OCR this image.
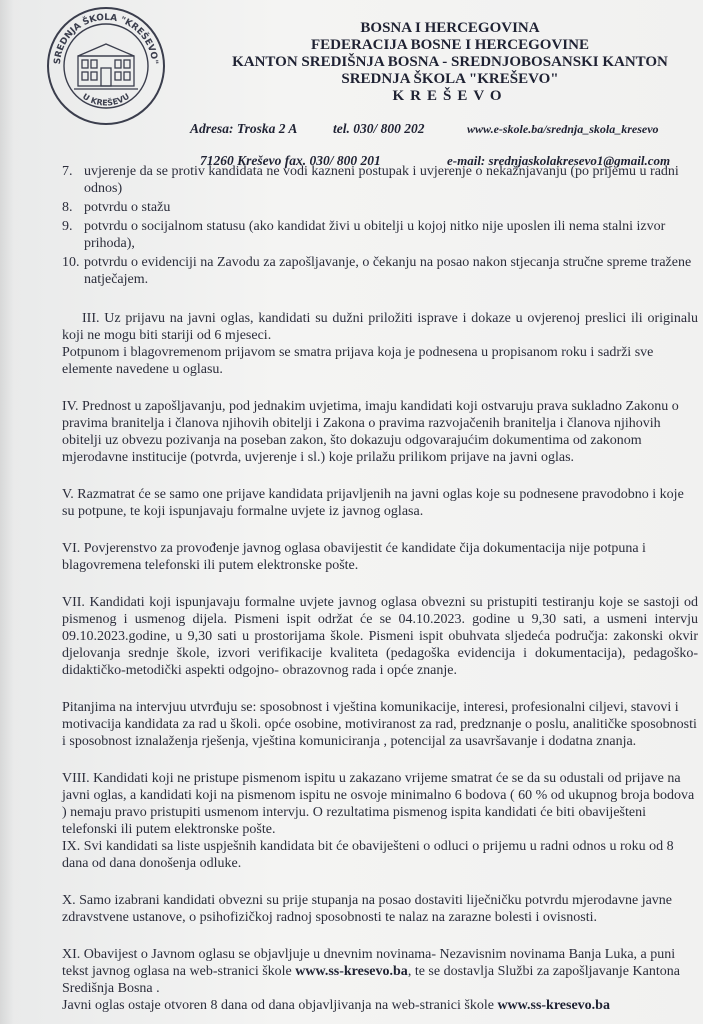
SREDNJA ŠKOLA "KREŠEVO"
U KREŠEVU
BOSNA I HERCEGOVINA
FEDERACIJA BOSNE I HERCEGOVINE
KANTON SREDIŠNJA BOSNA - SREDNJOBOSANSKI KANTON
SREDNJA ŠKOLA "KREŠEVO"
KREŠEVO
Adresa: Troska 2 A	tel. 030/ 800 202	www.e-skole.ba/srednja_skola_kresevo
71260 Kreševo fax. 030/ 800 201	e-mail: srednjaskolakresevo1@gmail.com
7. uvjerenje da se protiv kandidata ne vodi kazneni postupak i uvjerenje o nekažnjavanju (po prijemu u radni odnos)
8. potvrdu o stažu
9. potvrdu o socijalnom statusu (ako kandidat živi u obitelji u kojoj nitko nije uposlen ili nema stalni izvor prihoda),
10. potvrdu o evidenciji na Zavodu za zapošljavanje, o čekanju na posao nakon stjecanja stručne spreme tražene natječajem.

III. Uz prijavu na javni oglas, kandidati su dužni priložiti isprave i dokaze u ovjerenoj preslici ili originalu koji ne mogu biti stariji od 6 mjeseci.

Potpunom i blagovremenom prijavom se smatra prijava koja je podnesena u propisanom roku i sadrži sve elemente navedene u oglasu.

IV. Prednost u zapošljavanju, pod jednakim uvjetima, imaju kandidati koji ostvaruju prava sukladno Zakonu o pravima branitelja i članova njihovih obitelji i Zakona o pravima razvojačenih branitelja i članova njihovih obitelji uz obvezu pozivanja na poseban zakon, što dokazuju odgovarajućim dokumentima od zakonom mjerodavne institucije (potvrda, uvjerenje i sl.) koje prilažu prilikom prijave na javni oglas.

V. Razmatrat će se samo one prijave kandidata prijavljenih na javni oglas koje su podnesene pravodobno i koje su potpune, te koji ispunjavaju formalne uvjete iz javnog oglasa.

VI. Povjerenstvo za provođenje javnog oglasa obavijestit će kandidate čija dokumentacija nije potpuna i blagovremena telefonski ili putem elektronske pošte.

VII. Kandidati koji ispunjavaju formalne uvjete javnog oglasa obvezni su pristupiti testiranju koje se sastoji od pismenog i usmenog dijela. Pismeni ispit održat će se 04.10.2023. godine u 9,30 sati, a usmeni intervju 09.10.2023.godine, u 9,30 sati u prostorijama škole. Pismeni ispit obuhvata sljedeća područja: zakonski okvir djelovanja srednje škole, izvori verifikacije kvaliteta (pedagoška evidencija i dokumentacija), pedagoško-didaktičko-metodički aspekti odgojno- obrazovnog rada i opće znanje.

Pitanjima na intervjuu utvrđuju se: sposobnost i vještina komunikacije, interesi, profesionalni ciljevi, stavovi i motivacija kandidata za rad u školi. opće osobine, motiviranost za rad, predznanje o poslu, analitičke sposobnosti i sposobnost iznalaženja rješenja, vještina komuniciranja , potencijal za usavršavanje i dodatna znanja.

VIII. Kandidati koji ne pristupe pismenom ispitu u zakazano vrijeme smatrat će se da su odustali od prijave na javni oglas, a kandidati koji na pismenom ispitu ne osvoje minimalno 6 bodova ( 60 % od ukupnog broja bodova ) nemaju pravo pristupiti usmenom intervju. O rezultatima pismenog ispita kandidati će biti obaviješteni telefonski ili putem elektronske pošte.

IX. Svi kandidati sa liste uspješnih kandidata bit će obaviješteni o odluci o prijemu u radni odnos u roku od 8 dana od dana donošenja odluke.

X. Samo izabrani kandidati obvezni su prije stupanja na posao dostaviti liječničku potvrdu mjerodavne javne zdravstvene ustanove, o psihofizičkoj radnoj sposobnosti te nalaz na zarazne bolesti i ovisnosti.

XI. Obavijest o Javnom oglasu se objavljuje u dnevnim novinama- Nezavisnim novinama Banja Luka, a puni tekst javnog oglasa na web-stranici škole www.ss-kresevo.ba, te se dostavlja Službi za zapošljavanje Kantona Središnja Bosna .

Javni oglas ostaje otvoren 8 dana od dana objavljivanja na web-stranici škole www.ss-kresevo.ba
